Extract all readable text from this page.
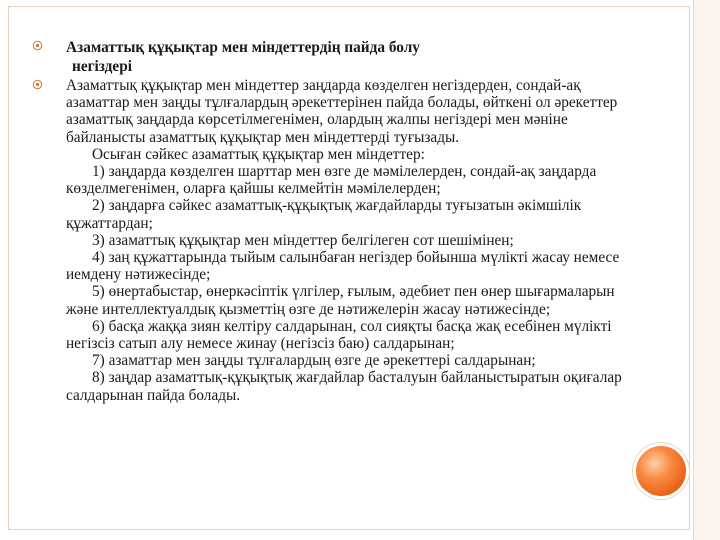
Азаматтық құқықтар мен міндеттердің пайда болу
негіздері

Азаматтық құқықтар мен міндеттер заңдарда көзделген негіздерден, сондай-ақ азаматтар мен заңды тұлғалардың әрекеттерінен пайда болады, өйткені ол әрекеттер азаматтық заңдарда көрсетілмегенімен, олардың жалпы негіздері мен мәніне байланысты азаматтық құқықтар мен міндеттерді туғызады.
Осыған сәйкес азаматтық құқықтар мен міндеттер:
1) заңдарда көзделген шарттар мен өзге де мәмілелерден, сондай-ақ заңдарда көзделмегенімен, оларға қайшы келмейтін мәмілелерден;
2) заңдарға сәйкес азаматтық-құқықтық жағдайларды туғызатын әкімшілік құжаттардан;
3) азаматтық құқықтар мен міндеттер белгілеген сот шешімінен;
4) заң құжаттарында тыйым салынбаған негіздер бойынша мүлікті жасау немесе иемдену нәтижесінде;
5) өнертабыстар, өнеркәсіптік үлгілер, ғылым, әдебиет пен өнер шығармаларын және интеллектуалдық қызметтің өзге де нәтижелерін жасау нәтижесінде;
6) басқа жаққа зиян келтіру салдарынан, сол сияқты басқа жақ есебінен мүлікті негізсіз сатып алу немесе жинау (негізсіз баю) салдарынан;
7) азаматтар мен заңды тұлғалардың өзге де әрекеттері салдарынан;
8) заңдар азаматтық-құқықтық жағдайлар басталуын байланыстыратын оқиғалар салдарынан пайда болады.
